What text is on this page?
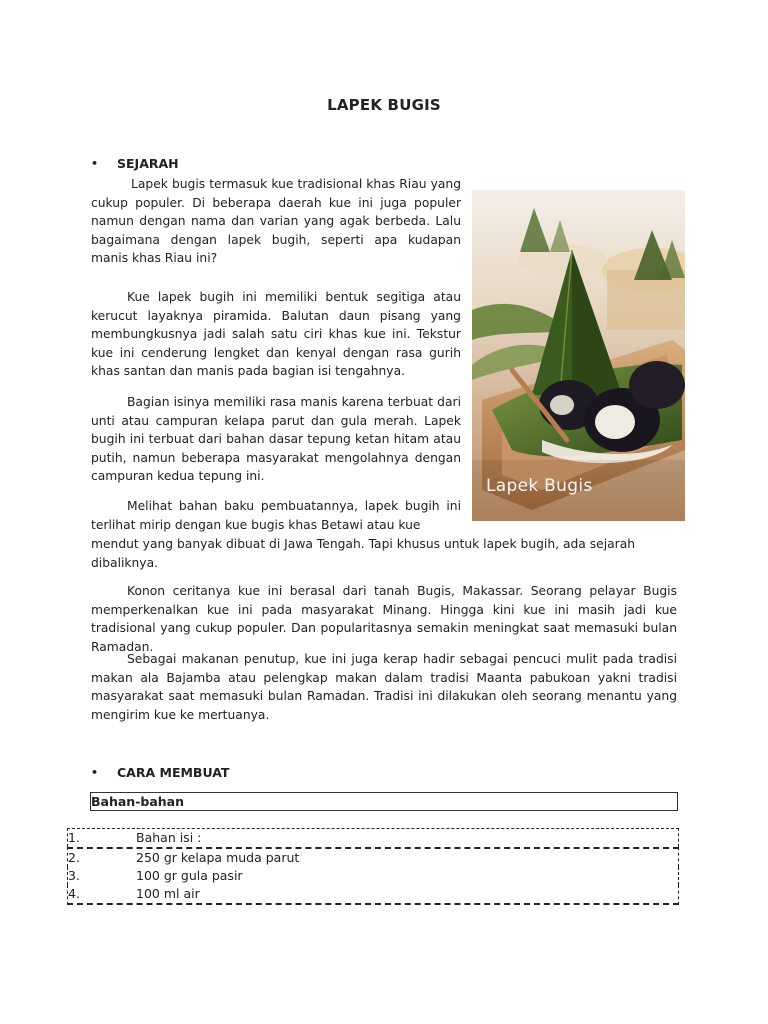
LAPEK BUGIS
•	SEJARAH

Lapek bugis termasuk kue tradisional khas Riau yang cukup populer. Di beberapa daerah kue ini juga populer namun dengan nama dan varian yang agak berbeda. Lalu bagaimana dengan lapek bugih, seperti apa kudapan manis khas Riau ini?

Kue lapek bugih ini memiliki bentuk segitiga atau kerucut layaknya piramida. Balutan daun pisang yang membungkusnya jadi salah satu ciri khas kue ini. Tekstur kue ini cenderung lengket dan kenyal dengan rasa gurih khas santan dan manis pada bagian isi tengahnya.

Bagian isinya memiliki rasa manis karena terbuat dari unti atau campuran kelapa parut dan gula merah. Lapek bugih ini terbuat dari bahan dasar tepung ketan hitam atau putih, namun beberapa masyarakat mengolahnya dengan campuran kedua tepung ini.

Melihat bahan baku pembuatannya, lapek bugih ini terlihat mirip dengan kue bugis khas Betawi atau kue

mendut yang banyak dibuat di Jawa Tengah. Tapi khusus untuk lapek bugih, ada sejarah dibaliknya.

Konon ceritanya kue ini berasal dari tanah Bugis, Makassar. Seorang pelayar Bugis memperkenalkan kue ini pada masyarakat Minang. Hingga kini kue ini masih jadi kue tradisional yang cukup populer. Dan popularitasnya semakin meningkat saat memasuki bulan Ramadan.

Sebagai makanan penutup, kue ini juga kerap hadir sebagai pencuci mulit pada tradisi makan ala Bajamba atau pelengkap makan dalam tradisi Maanta pabukoan yakni tradisi masyarakat saat memasuki bulan Ramadan. Tradisi ini dilakukan oleh seorang menantu yang mengirim kue ke mertuanya.

Lapek Bugis
•	CARA MEMBUAT
Bahan-bahan
1.	Bahan isi :
2.	250 gr kelapa muda parut
3.	100 gr gula pasir
4.	100 ml air
